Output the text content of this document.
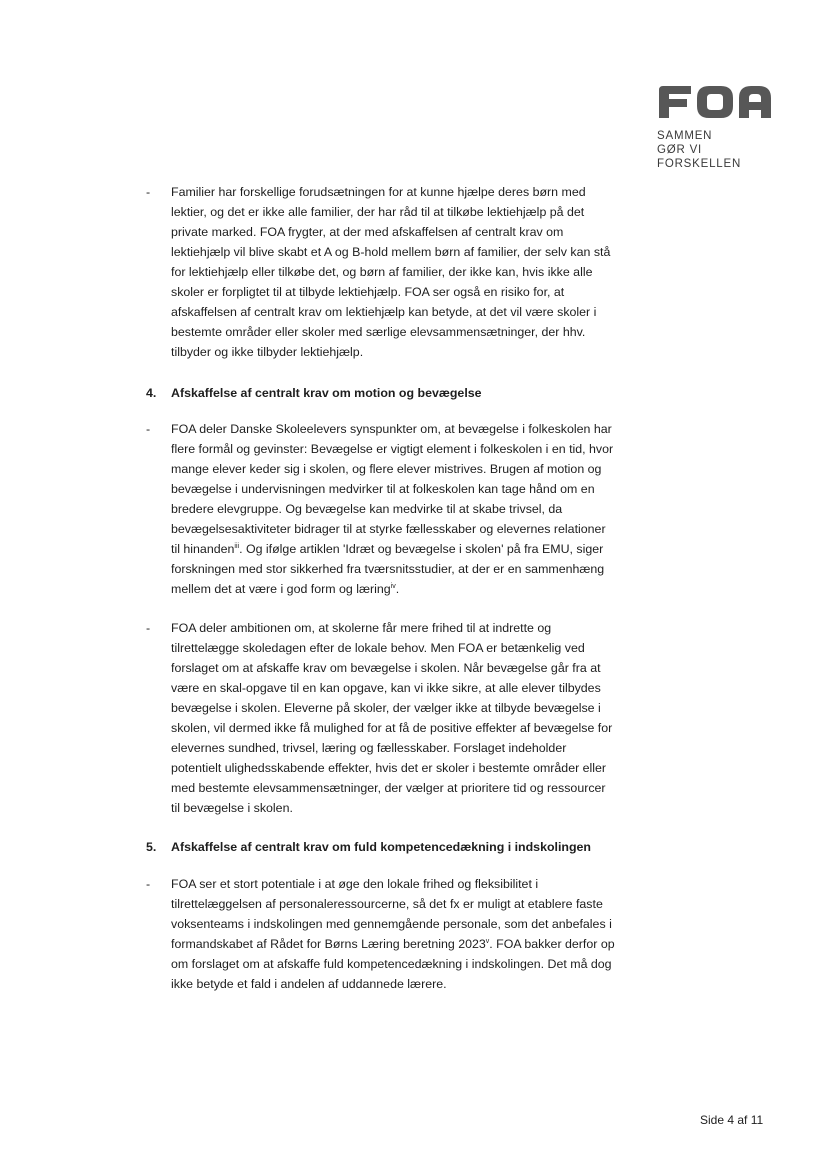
SAMMEN
GØR VI FORSKELLEN

- Familier har forskellige forudsætningen for at kunne hjælpe deres børn med lektier, og det er ikke alle familier, der har råd til at tilkøbe lektiehjælp på det private marked. FOA frygter, at der med afskaffelsen af centralt krav om lektiehjælp vil blive skabt et A og B-hold mellem børn af familier, der selv kan stå for lektiehjælp eller tilkøbe det, og børn af familier, der ikke kan, hvis ikke alle skoler er forpligtet til at tilbyde lektiehjælp. FOA ser også en risiko for, at afskaffelsen af centralt krav om lektiehjælp kan betyde, at det vil være skoler i bestemte områder eller skoler med særlige elevsammensætninger, der hhv. tilbyder og ikke tilbyder lektiehjælp.

4. Afskaffelse af centralt krav om motion og bevægelse

- FOA deler Danske Skoleelevers synspunkter om, at bevægelse i folkeskolen har flere formål og gevinster: Bevægelse er vigtigt element i folkeskolen i en tid, hvor mange elever keder sig i skolen, og flere elever mistrives. Brugen af motion og bevægelse i undervisningen medvirker til at folkeskolen kan tage hånd om en bredere elevgruppe. Og bevægelse kan medvirke til at skabe trivsel, da bevægelsesaktiviteter bidrager til at styrke fællesskaber og elevernes relationer til hinanden$^{iii}$. Og ifølge artiklen 'Idræt og bevægelse i skolen' på fra EMU, siger forskningen med stor sikkerhed fra tværsnitsstudier, at der er en sammenhæng mellem det at være i god form og læring$^{iv}$.

- FOA deler ambitionen om, at skolerne får mere frihed til at indrette og tilrettelægge skoledagen efter de lokale behov. Men FOA er betænkelig ved forslaget om at afskaffe krav om bevægelse i skolen. Når bevægelse går fra at være en skal-opgave til en kan opgave, kan vi ikke sikre, at alle elever tilbydes bevægelse i skolen. Eleverne på skoler, der vælger ikke at tilbyde bevægelse i skolen, vil dermed ikke få mulighed for at få de positive effekter af bevægelse for elevernes sundhed, trivsel, læring og fællesskaber. Forslaget indeholder potentielt ulighedsskabende effekter, hvis det er skoler i bestemte områder eller med bestemte elevsammensætninger, der vælger at prioritere tid og ressourcer til bevægelse i skolen.

5. Afskaffelse af centralt krav om fuld kompetencedækning i indskolingen

- FOA ser et stort potentiale i at øge den lokale frihed og fleksibilitet i tilrettelæggelsen af personaleressourcerne, så det fx er muligt at etablere faste voksenteams i indskolingen med gennemgående personale, som det anbefales i formandskabet af Rådet for Børns Læring beretning 2023$^v$. FOA bakker derfor op om forslaget om at afskaffe fuld kompetencedækning i indskolingen. Det må dog ikke betyde et fald i andelen af uddannede lærere.

Side 4 af 11
